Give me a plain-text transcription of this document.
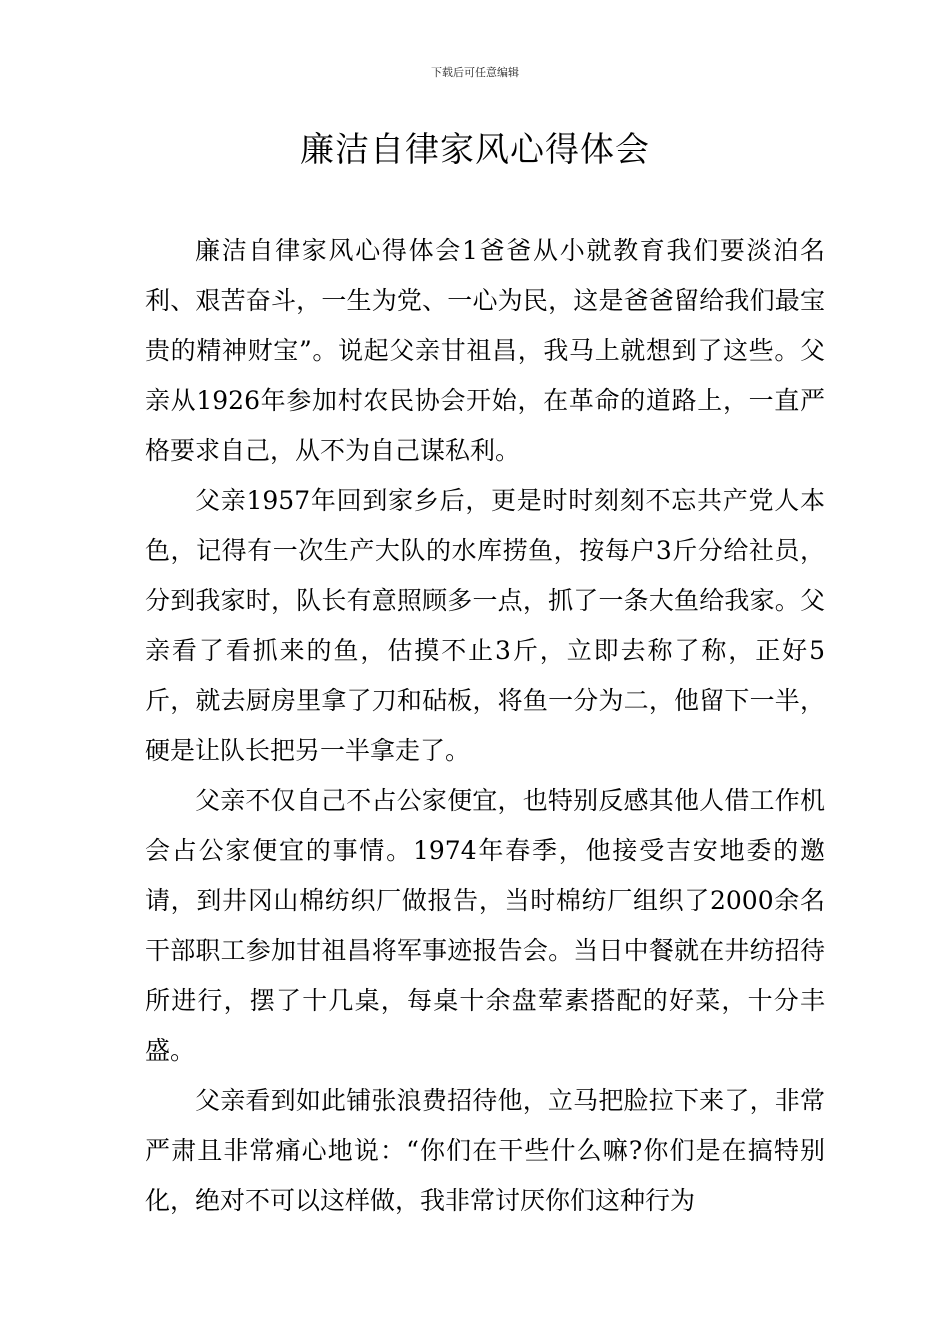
下载后可任意编辑
廉洁自律家风心得体会

廉洁自律家风心得体会1爸爸从小就教育我们要淡泊名利、艰苦奋斗，一生为党、一心为民，这是爸爸留给我们最宝贵的精神财宝”。说起父亲甘祖昌，我马上就想到了这些。父亲从1926年参加村农民协会开始，在革命的道路上，一直严格要求自己，从不为自己谋私利。

父亲1957年回到家乡后，更是时时刻刻不忘共产党人本色，记得有一次生产大队的水库捞鱼，按每户3斤分给社员，分到我家时，队长有意照顾多一点，抓了一条大鱼给我家。父亲看了看抓来的鱼，估摸不止3斤，立即去称了称，正好5斤，就去厨房里拿了刀和砧板，将鱼一分为二，他留下一半，硬是让队长把另一半拿走了。

父亲不仅自己不占公家便宜，也特别反感其他人借工作机会占公家便宜的事情。1974年春季，他接受吉安地委的邀请，到井冈山棉纺织厂做报告，当时棉纺厂组织了2000余名干部职工参加甘祖昌将军事迹报告会。当日中餐就在井纺招待所进行，摆了十几桌，每桌十余盘荤素搭配的好菜，十分丰盛。

父亲看到如此铺张浪费招待他，立马把脸拉下来了，非常严肃且非常痛心地说：“你们在干些什么嘛?你们是在搞特别化，绝对不可以这样做，我非常讨厌你们这种行为
